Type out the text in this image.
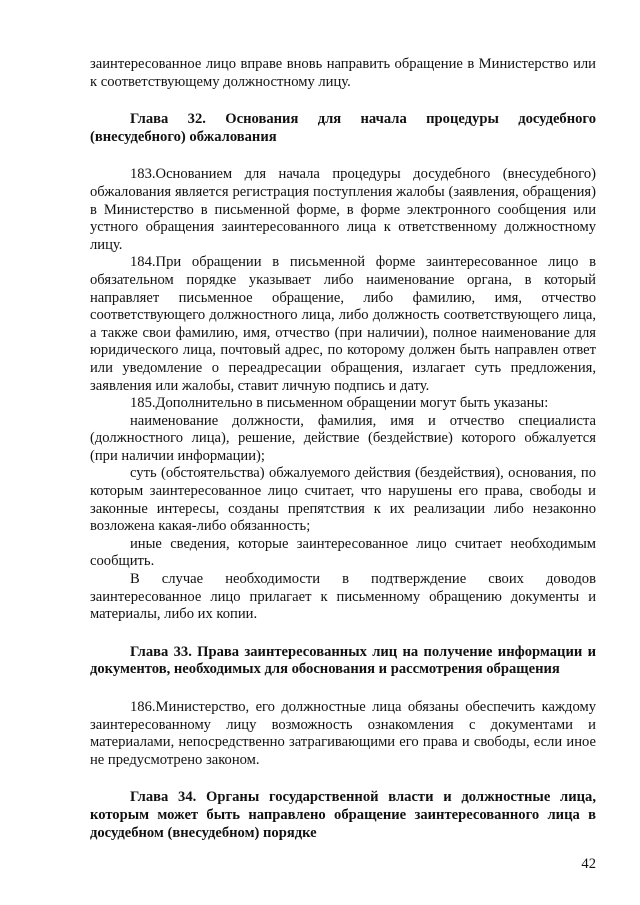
заинтересованное лицо вправе вновь направить обращение в Министерство или к соответствующему должностному лицу.

Глава 32. Основания для начала процедуры досудебного (внесудебного) обжалования

183.Основанием для начала процедуры досудебного (внесудебного) обжалования является регистрация поступления жалобы (заявления, обращения) в Министерство в письменной форме, в форме электронного сообщения или устного обращения заинтересованного лица к ответственному должностному лицу.

184.При обращении в письменной форме заинтересованное лицо в обязательном порядке указывает либо наименование органа, в который направляет письменное обращение, либо фамилию, имя, отчество соответствующего должностного лица, либо должность соответствующего лица, а также свои фамилию, имя, отчество (при наличии), полное наименование для юридического лица, почтовый адрес, по которому должен быть направлен ответ или уведомление о переадресации обращения, излагает суть предложения, заявления или жалобы, ставит личную подпись и дату.

185.Дополнительно в письменном обращении могут быть указаны:

наименование должности, фамилия, имя и отчество специалиста (должностного лица), решение, действие (бездействие) которого обжалуется (при наличии информации);

суть (обстоятельства) обжалуемого действия (бездействия), основания, по которым заинтересованное лицо считает, что нарушены его права, свободы и законные интересы, созданы препятствия к их реализации либо незаконно возложена какая-либо обязанность;

иные сведения, которые заинтересованное лицо считает необходимым сообщить.

В случае необходимости в подтверждение своих доводов заинтересованное лицо прилагает к письменному обращению документы и материалы, либо их копии.

Глава 33. Права заинтересованных лиц на получение информации и документов, необходимых для обоснования и рассмотрения обращения

186.Министерство, его должностные лица обязаны обеспечить каждому заинтересованному лицу возможность ознакомления с документами и материалами, непосредственно затрагивающими его права и свободы, если иное не предусмотрено законом.

Глава 34. Органы государственной власти и должностные лица, которым может быть направлено обращение заинтересованного лица в досудебном (внесудебном) порядке
42
